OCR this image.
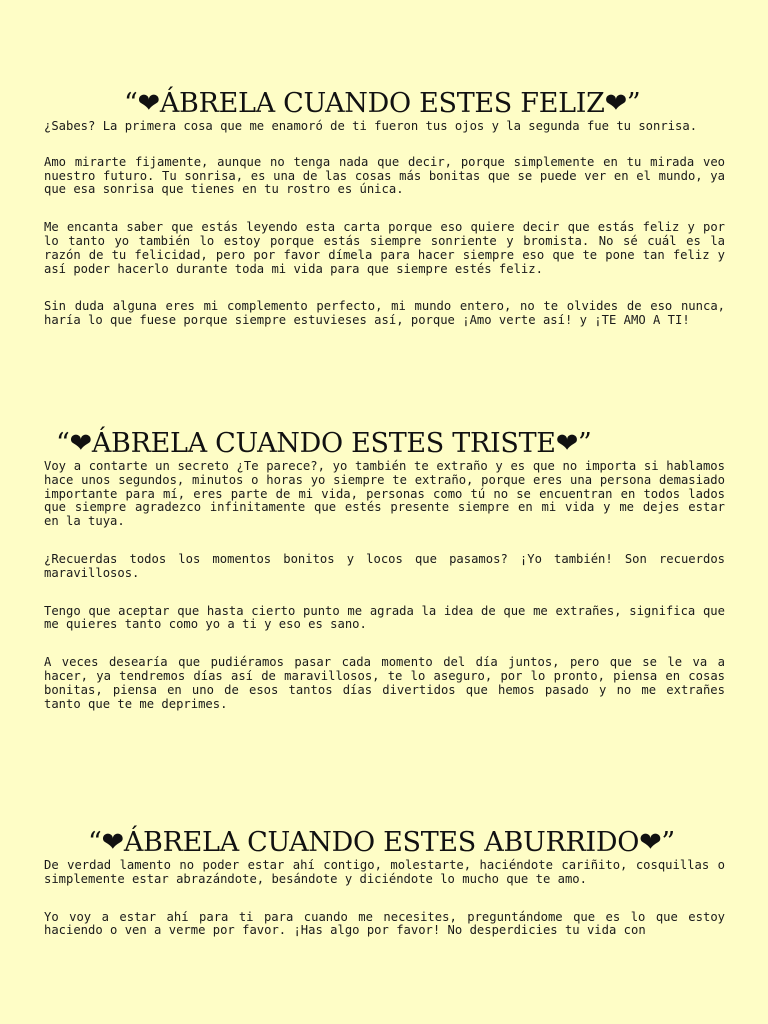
“❤ÁBRELA CUANDO ESTES FELIZ❤”

¿Sabes? La primera cosa que me enamoró de ti fueron tus ojos y la segunda fue tu sonrisa.

Amo mirarte fijamente, aunque no tenga nada que decir, porque simplemente en tu mirada veo nuestro futuro. Tu sonrisa, es una de las cosas más bonitas que se puede ver en el mundo, ya que esa sonrisa que tienes en tu rostro es única.

Me encanta saber que estás leyendo esta carta porque eso quiere decir que estás feliz y por lo tanto yo también lo estoy porque estás siempre sonriente y bromista. No sé cuál es la razón de tu felicidad, pero por favor dímela para hacer siempre eso que te pone tan feliz y así poder hacerlo durante toda mi vida para que siempre estés feliz.

Sin duda alguna eres mi complemento perfecto, mi mundo entero, no te olvides de eso nunca, haría lo que fuese porque siempre estuvieses así, porque ¡Amo verte así! y ¡TE AMO A TI!

“❤ÁBRELA CUANDO ESTES TRISTE❤”

Voy a contarte un secreto ¿Te parece?, yo también te extraño y es que no importa si hablamos hace unos segundos, minutos o horas yo siempre te extraño, porque eres una persona demasiado importante para mí, eres parte de mi vida, personas como tú no se encuentran en todos lados que siempre agradezco infinitamente que estés presente siempre en mi vida y me dejes estar en la tuya.

¿Recuerdas todos los momentos bonitos y locos que pasamos? ¡Yo también! Son recuerdos maravillosos.

Tengo que aceptar que hasta cierto punto me agrada la idea de que me extrañes, significa que me quieres tanto como yo a ti y eso es sano.

A veces desearía que pudiéramos pasar cada momento del día juntos, pero que se le va a hacer, ya tendremos días así de maravillosos, te lo aseguro, por lo pronto, piensa en cosas bonitas, piensa en uno de esos tantos días divertidos que hemos pasado y no me extrañes tanto que te me deprimes.

“❤ÁBRELA CUANDO ESTES ABURRIDO❤”

De verdad lamento no poder estar ahí contigo, molestarte, haciéndote cariñito, cosquillas o simplemente estar abrazándote, besándote y diciéndote lo mucho que te amo.

Yo voy a estar ahí para ti para cuando me necesites, preguntándome que es lo que estoy haciendo o ven a verme por favor. ¡Has algo por favor! No desperdicies tu vida con
